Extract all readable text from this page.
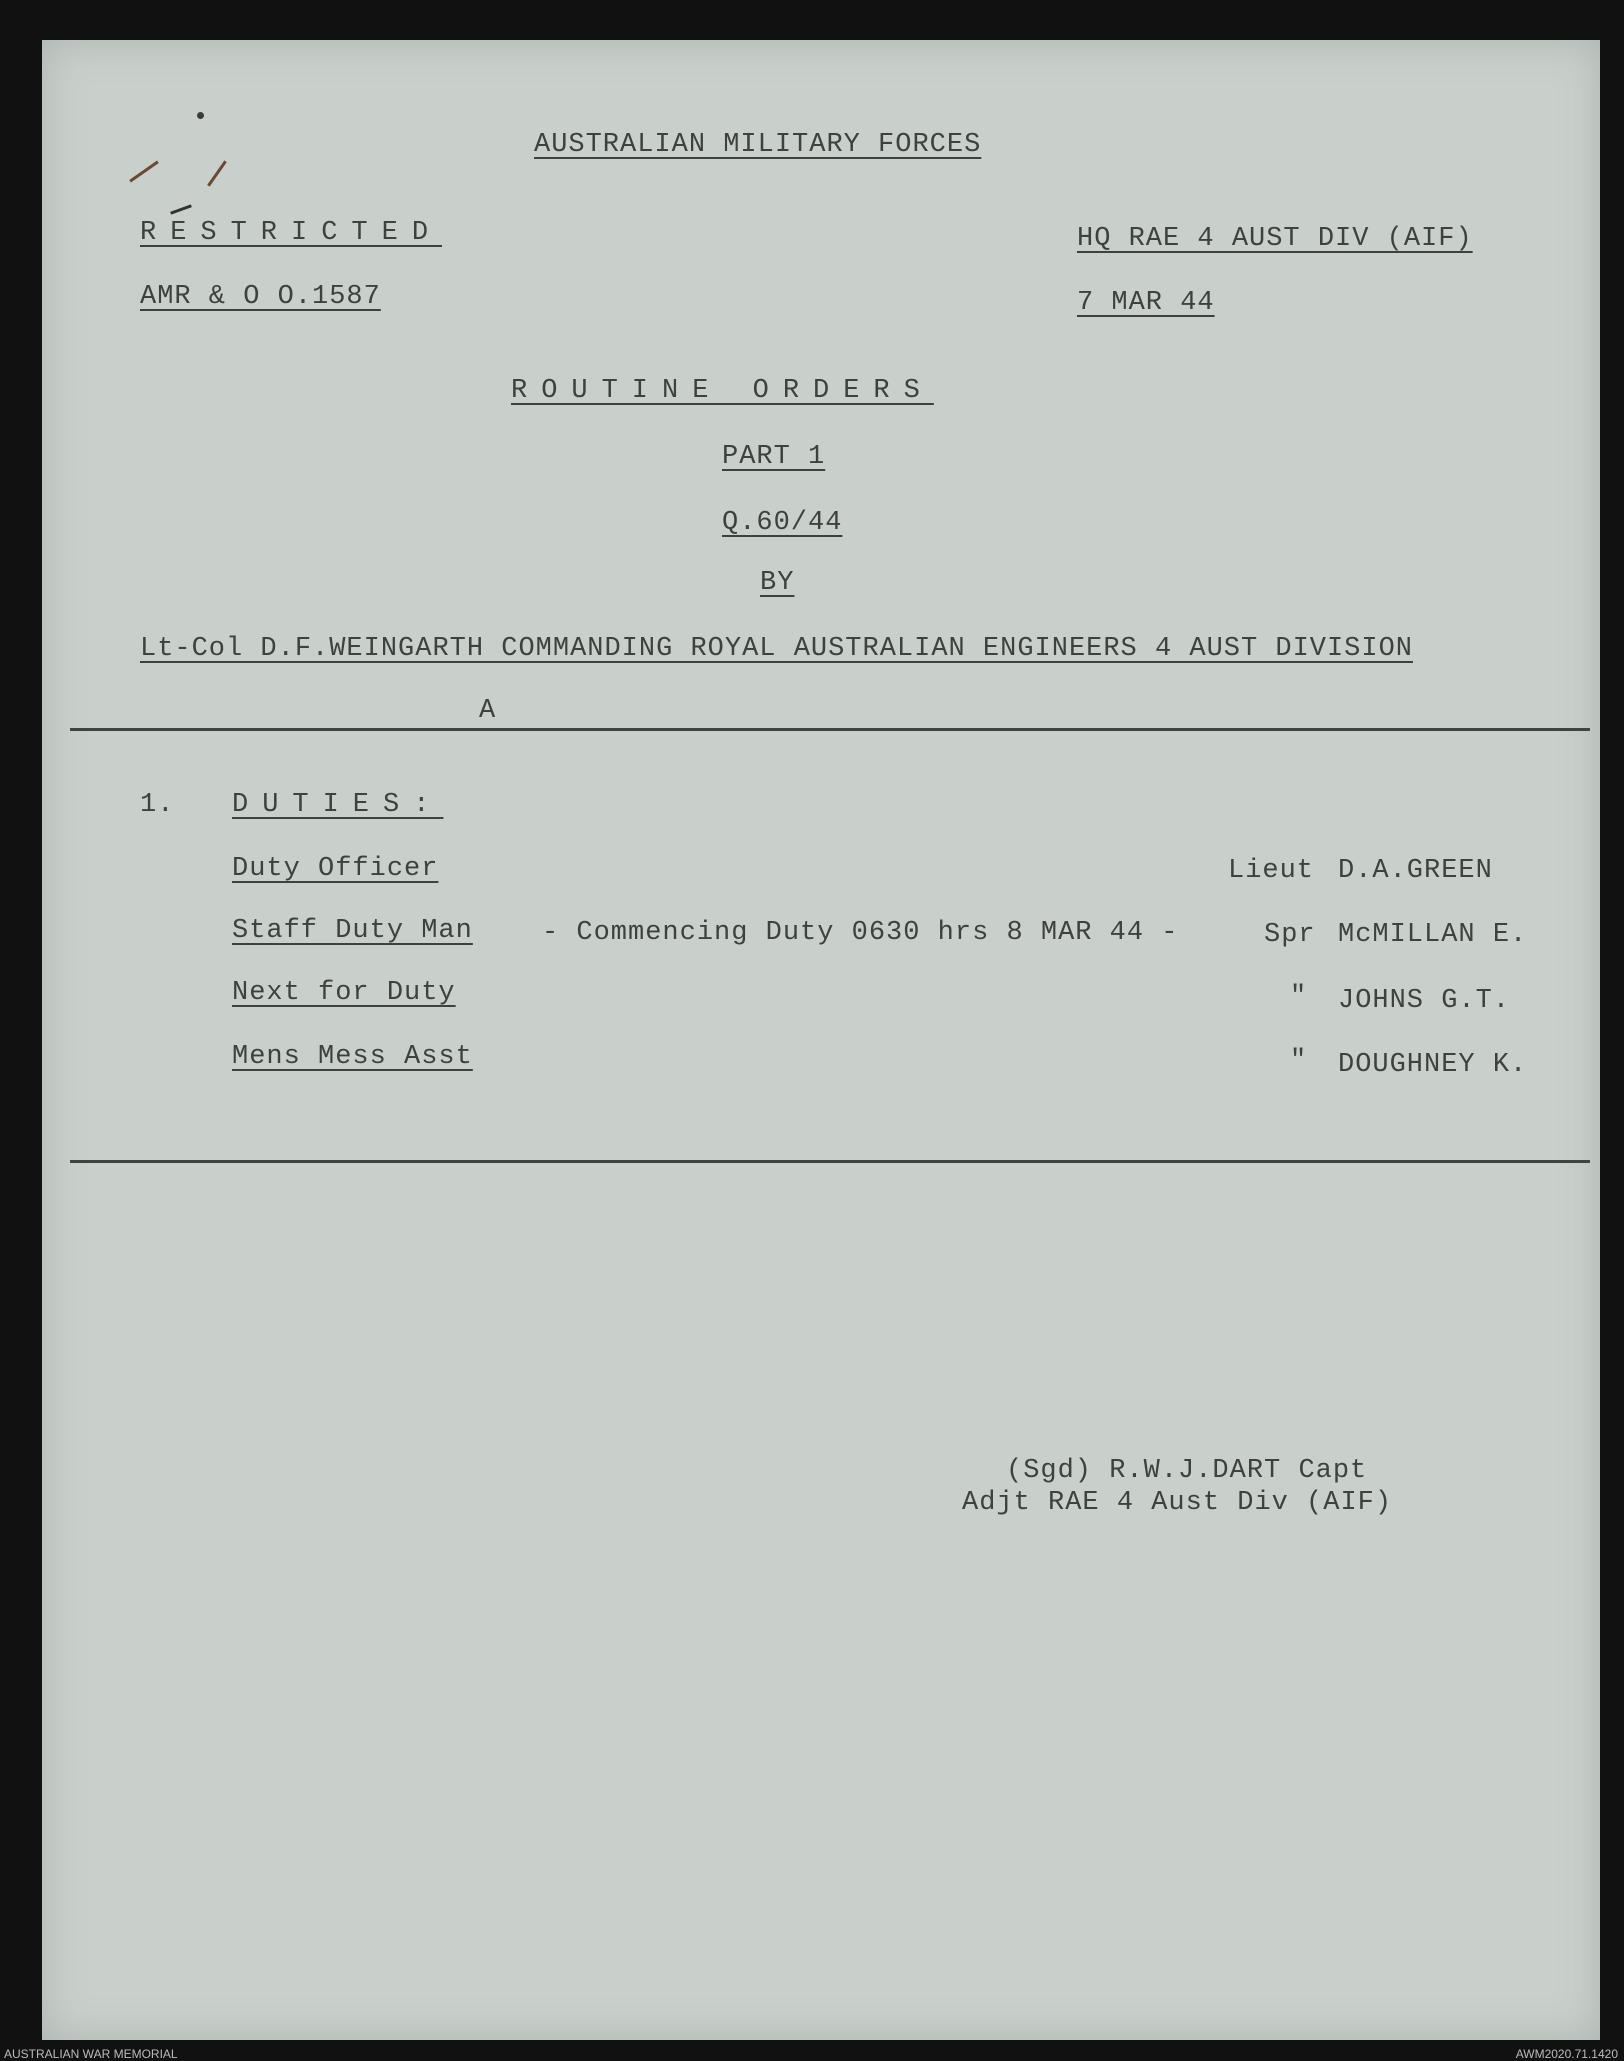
AUSTRALIAN MILITARY FORCES
RESTRICTED	HQ RAE 4 AUST DIV (AIF)
AMR & O O.1587	7 MAR 44
ROUTINE ORDERS
PART 1
Q.60/44
BY
Lt-Col D.F.WEINGARTH COMMANDING ROYAL AUSTRALIAN ENGINEERS 4 AUST DIVISION
A
1. DUTIES:
Duty Officer	Lieut D.A.GREEN
Staff Duty Man	- Commencing Duty 0630 hrs 8 MAR 44 -	Spr McMILLAN E.
Next for Duty	" JOHNS G.T.
Mens Mess Asst	" DOUGHNEY K.
(Sgd) R.W.J.DART Capt
Adjt RAE 4 Aust Div (AIF)
AUSTRALIAN WAR MEMORIAL	AWM2020.71.1420
